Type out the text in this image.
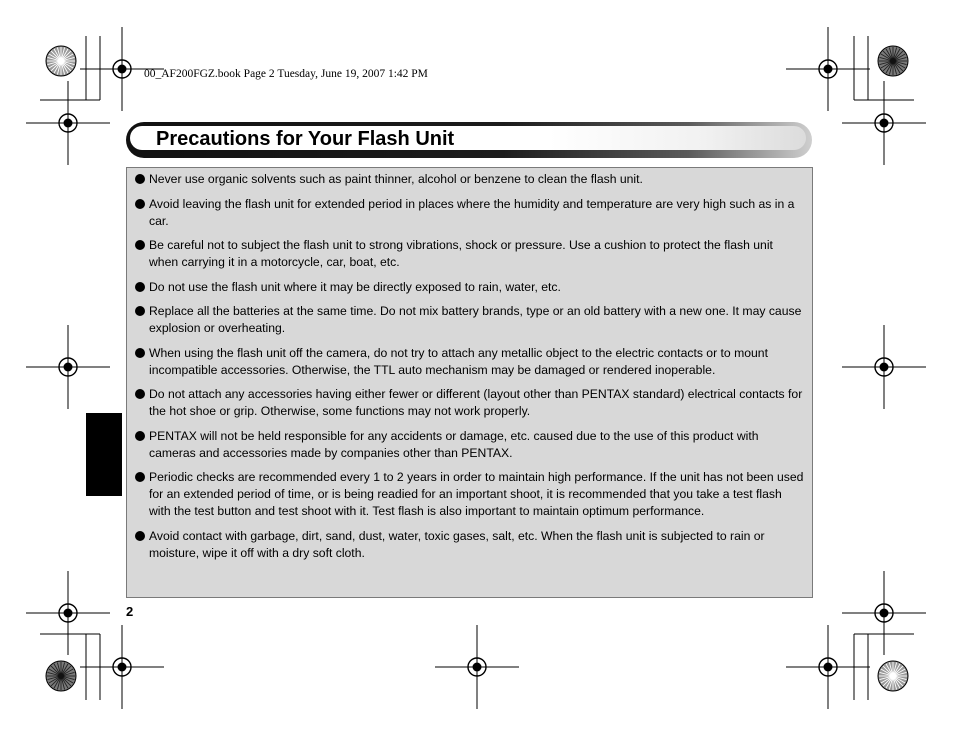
00_AF200FGZ.book Page 2 Tuesday, June 19, 2007 1:42 PM
Precautions for Your Flash Unit
Never use organic solvents such as paint thinner, alcohol or benzene to clean the flash unit.
Avoid leaving the flash unit for extended period in places where the humidity and temperature are very high such as in a car.
Be careful not to subject the flash unit to strong vibrations, shock or pressure. Use a cushion to protect the flash unit when carrying it in a motorcycle, car, boat, etc.
Do not use the flash unit where it may be directly exposed to rain, water, etc.
Replace all the batteries at the same time. Do not mix battery brands, type or an old battery with a new one. It may cause explosion or overheating.
When using the flash unit off the camera, do not try to attach any metallic object to the electric contacts or to mount incompatible accessories. Otherwise, the TTL auto mechanism may be damaged or rendered inoperable.
Do not attach any accessories having either fewer or different (layout other than PENTAX standard) electrical contacts for the hot shoe or grip. Otherwise, some functions may not work properly.
PENTAX will not be held responsible for any accidents or damage, etc. caused due to the use of this product with cameras and accessories made by companies other than PENTAX.
Periodic checks are recommended every 1 to 2 years in order to maintain high performance. If the unit has not been used for an extended period of time, or is being readied for an important shoot, it is recommended that you take a test flash with the test button and test shoot with it. Test flash is also important to maintain optimum performance.
Avoid contact with garbage, dirt, sand, dust, water, toxic gases, salt, etc. When the flash unit is subjected to rain or moisture, wipe it off with a dry soft cloth.
2
